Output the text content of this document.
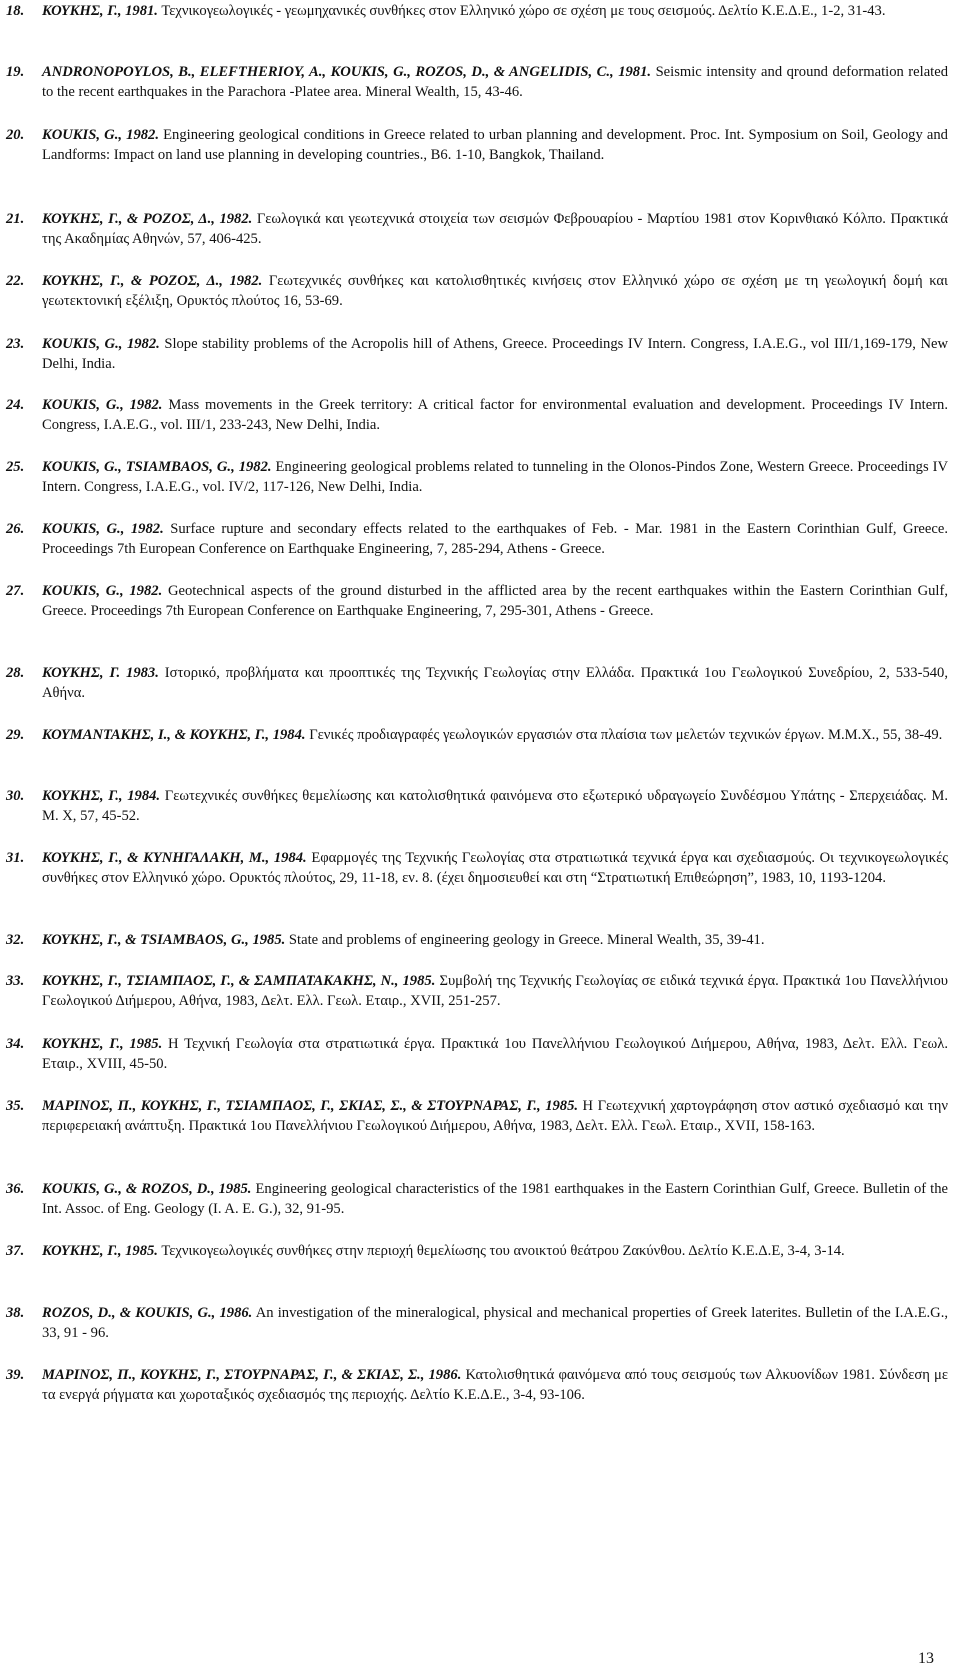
18. ΚΟΥΚΗΣ, Γ., 1981. Τεχνικογεωλογικές - γεωμηχανικές συνθήκες στον Ελληνικό χώρο σε σχέση με τους σεισμούς. Δελτίο Κ.Ε.Δ.Ε., 1-2, 31-43.
19. ANDRONOPOYLOS, B., ELEFTHERIOY, A., KOUKIS, G., ROZOS, D., & ANGELIDIS, C., 1981. Seismic intensity and qround deformation related to the recent earthquakes in the Parachora -Platee area. Mineral Wealth, 15, 43-46.
20. KOUKIS, G., 1982. Engineering geological conditions in Greece related to urban planning and development. Proc. Int. Symposium on Soil, Geology and Landforms: Impact on land use planning in developing countries., B6. 1-10, Bangkok, Thailand.
21. ΚΟΥΚΗΣ, Γ., & ΡΟΖΟΣ, Δ., 1982. Γεωλογικά και γεωτεχνικά στοιχεία των σεισμών Φεβρουαρίου - Μαρτίου 1981 στον Κορινθιακό Κόλπο. Πρακτικά της Ακαδημίας Αθηνών, 57, 406-425.
22. ΚΟΥΚΗΣ, Γ., & ΡΟΖΟΣ, Δ., 1982. Γεωτεχνικές συνθήκες και κατολισθητικές κινήσεις στον Ελληνικό χώρο σε σχέση με τη γεωλογική δομή και γεωτεκτονική εξέλιξη, Ορυκτός πλούτος 16, 53-69.
23. KOUKIS, G., 1982. Slope stability problems of the Acropolis hill of Athens, Greece. Proceedings IV Intern. Congress, I.A.E.G., vol III/1,169-179, New Delhi, India.
24. KOUKIS, G., 1982. Mass movements in the Greek territory: A critical factor for environmental evaluation and development. Proceedings IV Intern. Congress, I.A.E.G., vol. III/1, 233-243, New Delhi, India.
25. KOUKIS, G., TSIAMBAOS, G., 1982. Engineering geological problems related to tunneling in the Olonos-Pindos Zone, Western Greece. Proceedings IV Intern. Congress, I.A.E.G., vol. IV/2, 117-126, New Delhi, India.
26. KOUKIS, G., 1982. Surface rupture and secondary effects related to the earthquakes of Feb. - Mar. 1981 in the Eastern Corinthian Gulf, Greece. Proceedings 7th European Conference on Earthquake Engineering, 7, 285-294, Athens - Greece.
27. KOUKIS, G., 1982. Geotechnical aspects of the ground disturbed in the afflicted area by the recent earthquakes within the Eastern Corinthian Gulf, Greece. Proceedings 7th European Conference on Earthquake Engineering, 7, 295-301, Athens - Greece.
28. ΚΟΥΚΗΣ, Γ. 1983. Ιστορικό, προβλήματα και προοπτικές της Τεχνικής Γεωλογίας στην Ελλάδα. Πρακτικά 1ου Γεωλογικού Συνεδρίου, 2, 533-540, Αθήνα.
29. ΚΟΥΜΑΝΤΑΚΗΣ, Ι., & ΚΟΥΚΗΣ, Γ., 1984. Γενικές προδιαγραφές γεωλογικών εργασιών στα πλαίσια των μελετών τεχνικών έργων. Μ.Μ.Χ., 55, 38-49.
30. ΚΟΥΚΗΣ, Γ., 1984. Γεωτεχνικές συνθήκες θεμελίωσης και κατολισθητικά φαινόμενα στο εξωτερικό υδραγωγείο Συνδέσμου Υπάτης - Σπερχειάδας. Μ. Μ. Χ, 57, 45-52.
31. ΚΟΥΚΗΣ, Γ., & ΚΥΝΗΓΑΛΑΚΗ, Μ., 1984. Εφαρμογές της Τεχνικής Γεωλογίας στα στρατιωτικά τεχνικά έργα και σχεδιασμούς. Οι τεχνικογεωλογικές συνθήκες στον Ελληνικό χώρο. Ορυκτός πλούτος, 29, 11-18, εν. 8. (έχει δημοσιευθεί και στη “Στρατιωτική Επιθεώρηση”, 1983, 10, 1193-1204.
32. ΚΟΥΚΗΣ, Γ., & TSIAMBAOS, G., 1985. State and problems of engineering geology in Greece. Mineral Wealth, 35, 39-41.
33. ΚΟΥΚΗΣ, Γ., ΤΣΙΑΜΠΑΟΣ, Γ., & ΣΑΜΠΑΤΑΚΑΚΗΣ, Ν., 1985. Συμβολή της Τεχνικής Γεωλογίας σε ειδικά τεχνικά έργα. Πρακτικά 1ου Πανελλήνιου Γεωλογικού Διήμερου, Αθήνα, 1983, Δελτ. Ελλ. Γεωλ. Εταιρ., XVII, 251-257.
34. ΚΟΥΚΗΣ, Γ., 1985. Η Τεχνική Γεωλογία στα στρατιωτικά έργα. Πρακτικά 1ου Πανελλήνιου Γεωλογικού Διήμερου, Αθήνα, 1983, Δελτ. Ελλ. Γεωλ. Εταιρ., XVIII, 45-50.
35. ΜΑΡΙΝΟΣ, Π., ΚΟΥΚΗΣ, Γ., ΤΣΙΑΜΠΑΟΣ, Γ., ΣΚΙΑΣ, Σ., & ΣΤΟΥΡΝΑΡΑΣ, Γ., 1985. Η Γεωτεχνική χαρτογράφηση στον αστικό σχεδιασμό και την περιφερειακή ανάπτυξη. Πρακτικά 1ου Πανελλήνιου Γεωλογικού Διήμερου, Αθήνα, 1983, Δελτ. Ελλ. Γεωλ. Εταιρ., XVII, 158-163.
36. KOUKIS, G., & ROZOS, D., 1985. Engineering geological characteristics of the 1981 earthquakes in the Eastern Corinthian Gulf, Greece. Bulletin of the Int. Assoc. of Eng. Geology (I. A. E. G.), 32, 91-95.
37. ΚΟΥΚΗΣ, Γ., 1985. Τεχνικογεωλογικές συνθήκες στην περιοχή θεμελίωσης του ανοικτού θεάτρου Ζακύνθου. Δελτίο Κ.Ε.Δ.Ε, 3-4, 3-14.
38. ROZOS, D., & KOUKIS, G., 1986. An investigation of the mineralogical, physical and mechanical properties of Greek laterites. Bulletin of the I.A.E.G., 33, 91 - 96.
39. ΜΑΡΙΝΟΣ, Π., ΚΟΥΚΗΣ, Γ., ΣΤΟΥΡΝΑΡΑΣ, Γ., & ΣΚΙΑΣ, Σ., 1986. Κατολισθητικά φαινόμενα από τους σεισμούς των Αλκυονίδων 1981. Σύνδεση με τα ενεργά ρήγματα και χωροταξικός σχεδιασμός της περιοχής. Δελτίο Κ.Ε.Δ.Ε., 3-4, 93-106.
13
